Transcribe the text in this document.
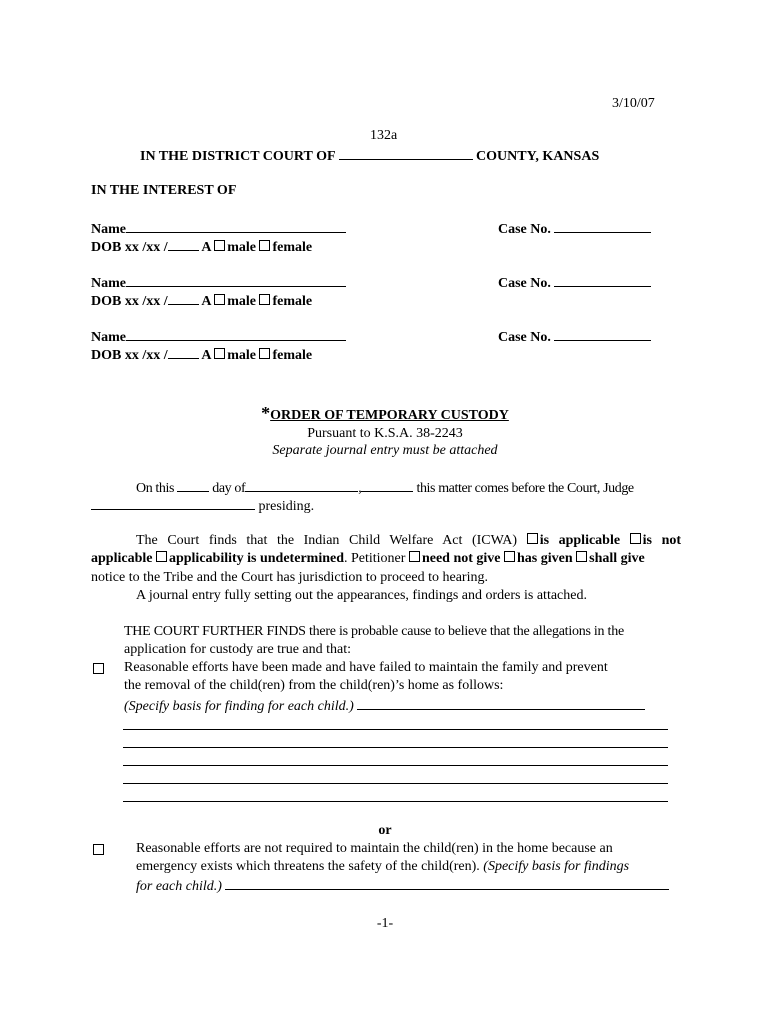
3/10/07
132a
IN THE DISTRICT COURT OF	COUNTY, KANSAS
IN THE INTEREST OF
Name
DOB xx /xx / A male female
Case No.
Name
DOB xx /xx / A male female
Case No.
Name
DOB xx /xx / A male female
Case No.
*ORDER OF TEMPORARY CUSTODY
Pursuant to K.S.A. 38-2243
Separate journal entry must be attached
On this	day of	,	this matter comes before the Court, Judge
presiding.
The Court finds that the Indian Child Welfare Act (ICWA) is applicable is not
applicable applicability is undetermined. Petitioner need not give has given shall give
notice to the Tribe and the Court has jurisdiction to proceed to hearing.
A journal entry fully setting out the appearances, findings and orders is attached.
THE COURT FURTHER FINDS there is probable cause to believe that the allegations in the
application for custody are true and that:
Reasonable efforts have been made and have failed to maintain the family and prevent
the removal of the child(ren) from the child(ren)’s home as follows:
(Specify basis for finding for each child.)
or
Reasonable efforts are not required to maintain the child(ren) in the home because an
emergency exists which threatens the safety of the child(ren). (Specify basis for findings
for each child.)
-1-
